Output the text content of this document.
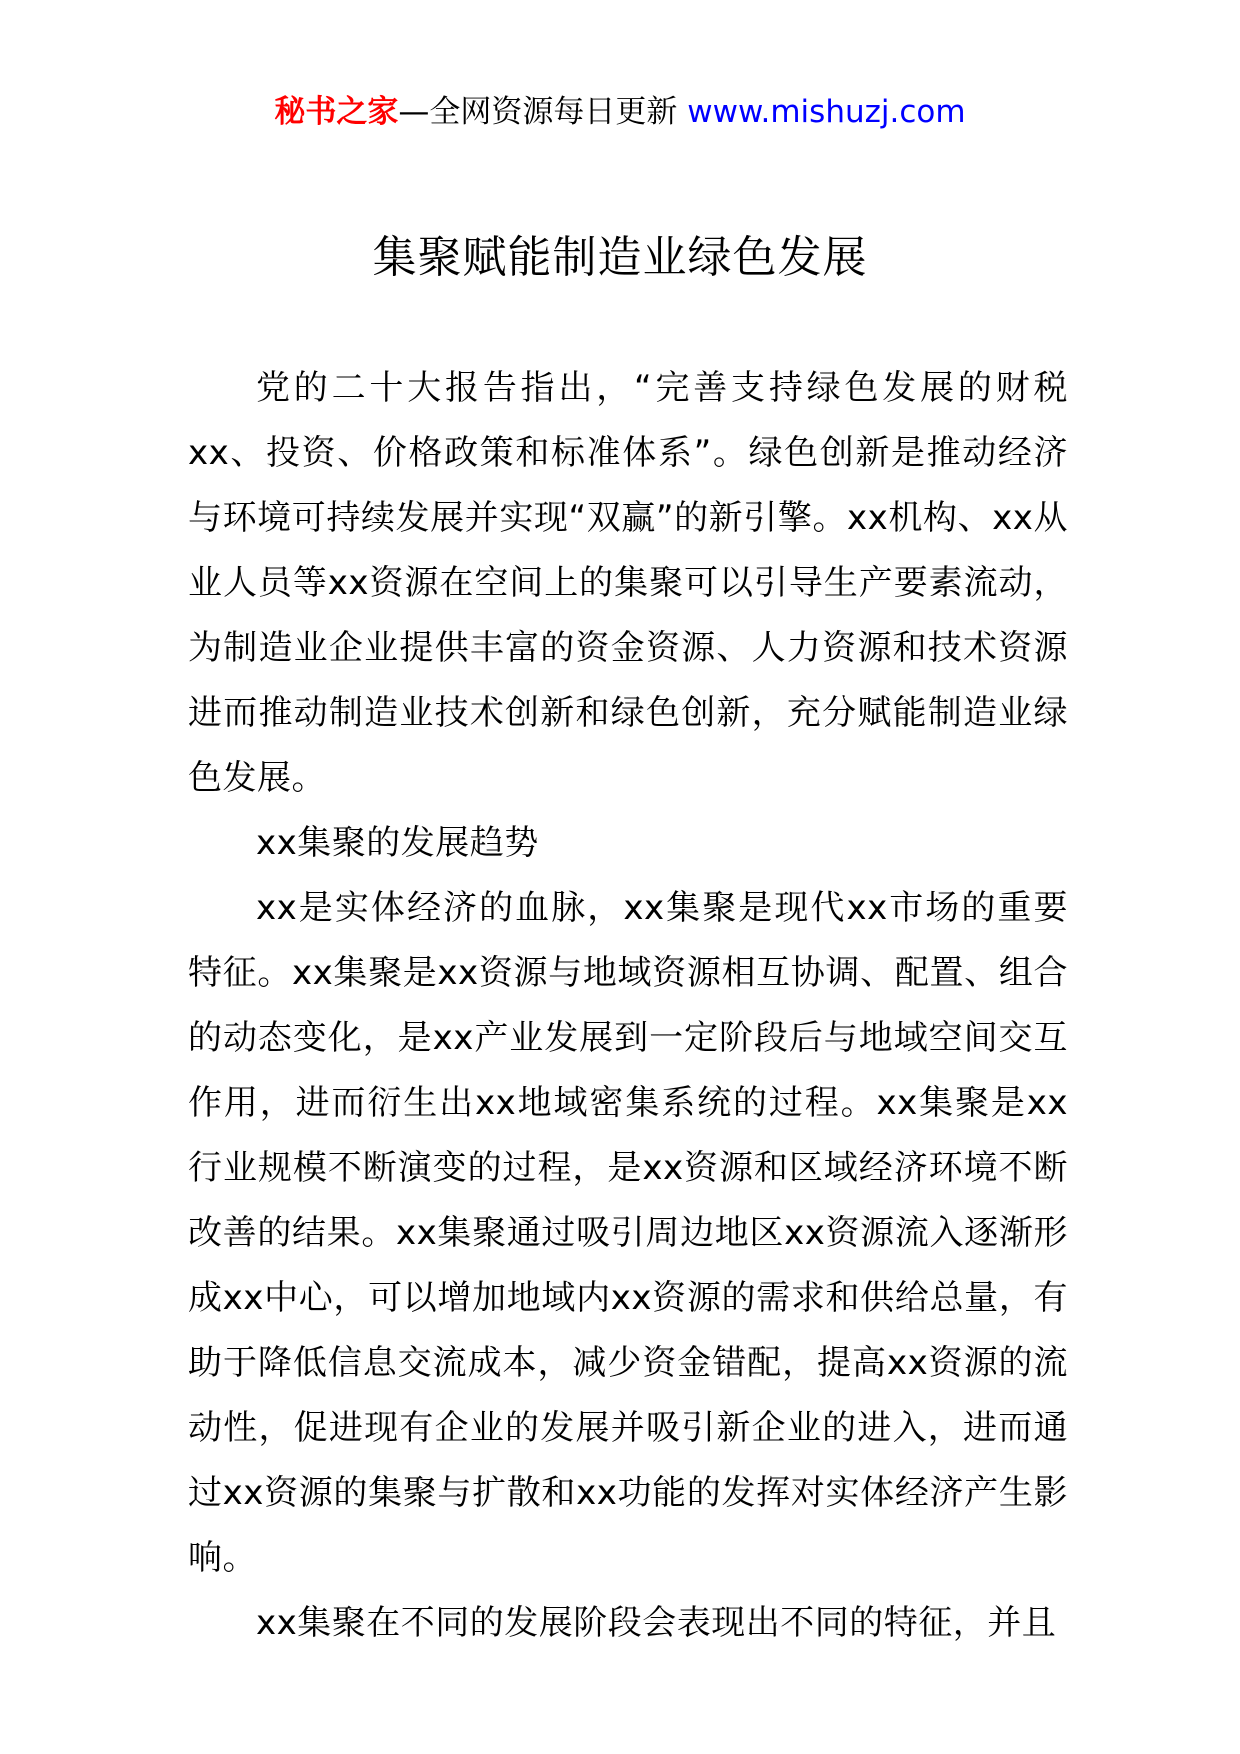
秘书之家—全网资源每日更新 www.mishuzj.com
集聚赋能制造业绿色发展

党的二十大报告指出，“完善支持绿色发展的财税xx、投资、价格政策和标准体系”。绿色创新是推动经济与环境可持续发展并实现“双赢”的新引擎。xx机构、xx从业人员等xx资源在空间上的集聚可以引导生产要素流动，为制造业企业提供丰富的资金资源、人力资源和技术资源进而推动制造业技术创新和绿色创新，充分赋能制造业绿色发展。

xx集聚的发展趋势

xx是实体经济的血脉，xx集聚是现代xx市场的重要特征。xx集聚是xx资源与地域资源相互协调、配置、组合的动态变化，是xx产业发展到一定阶段后与地域空间交互作用，进而衍生出xx地域密集系统的过程。xx集聚是xx行业规模不断演变的过程，是xx资源和区域经济环境不断改善的结果。xx集聚通过吸引周边地区xx资源流入逐渐形成xx中心，可以增加地域内xx资源的需求和供给总量，有助于降低信息交流成本，减少资金错配，提高xx资源的流动性，促进现有企业的发展并吸引新企业的进入，进而通过xx资源的集聚与扩散和xx功能的发挥对实体经济产生影响。

xx集聚在不同的发展阶段会表现出不同的特征，并且
